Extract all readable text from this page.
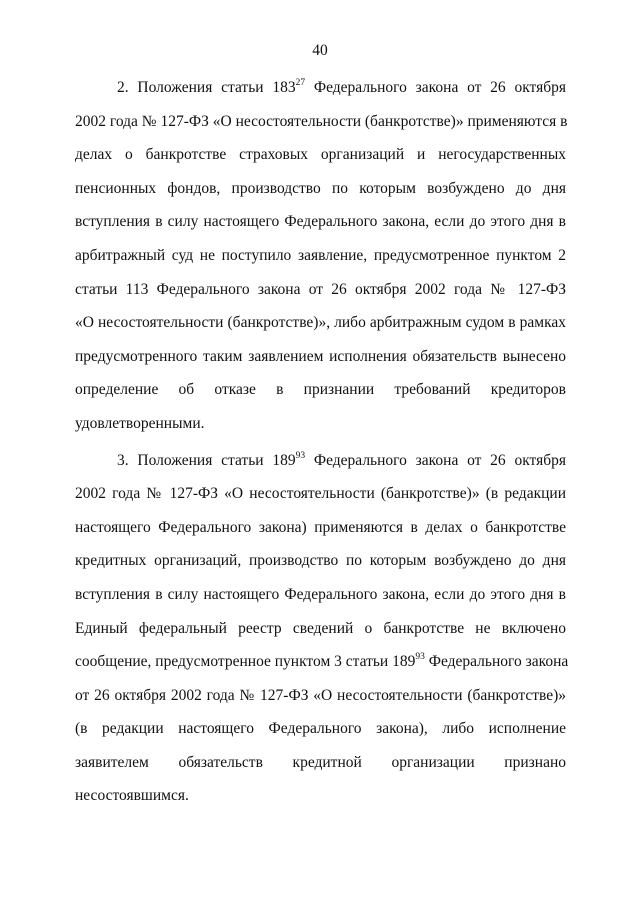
40
2. Положения статьи $183^{27}$ Федерального закона от 26 октября
2002 года № 127-ФЗ «О несостоятельности (банкротстве)» применяются в
делах о банкротстве страховых организаций и негосударственных
пенсионных фондов, производство по которым возбуждено до дня
вступления в силу настоящего Федерального закона, если до этого дня в
арбитражный суд не поступило заявление, предусмотренное пунктом 2
статьи 113 Федерального закона от 26 октября 2002 года № 127-ФЗ
«О несостоятельности (банкротстве)», либо арбитражным судом в рамках
предусмотренного таким заявлением исполнения обязательств вынесено
определение об отказе в признании требований кредиторов
удовлетворенными.
3. Положения статьи $189^{93}$ Федерального закона от 26 октября
2002 года № 127-ФЗ «О несостоятельности (банкротстве)» (в редакции
настоящего Федерального закона) применяются в делах о банкротстве
кредитных организаций, производство по которым возбуждено до дня
вступления в силу настоящего Федерального закона, если до этого дня в
Единый федеральный реестр сведений о банкротстве не включено
сообщение, предусмотренное пунктом 3 статьи $189^{93}$ Федерального закона
от 26 октября 2002 года № 127-ФЗ «О несостоятельности (банкротстве)»
(в редакции настоящего Федерального закона), либо исполнение
заявителем обязательств кредитной организации признано
несостоявшимся.
